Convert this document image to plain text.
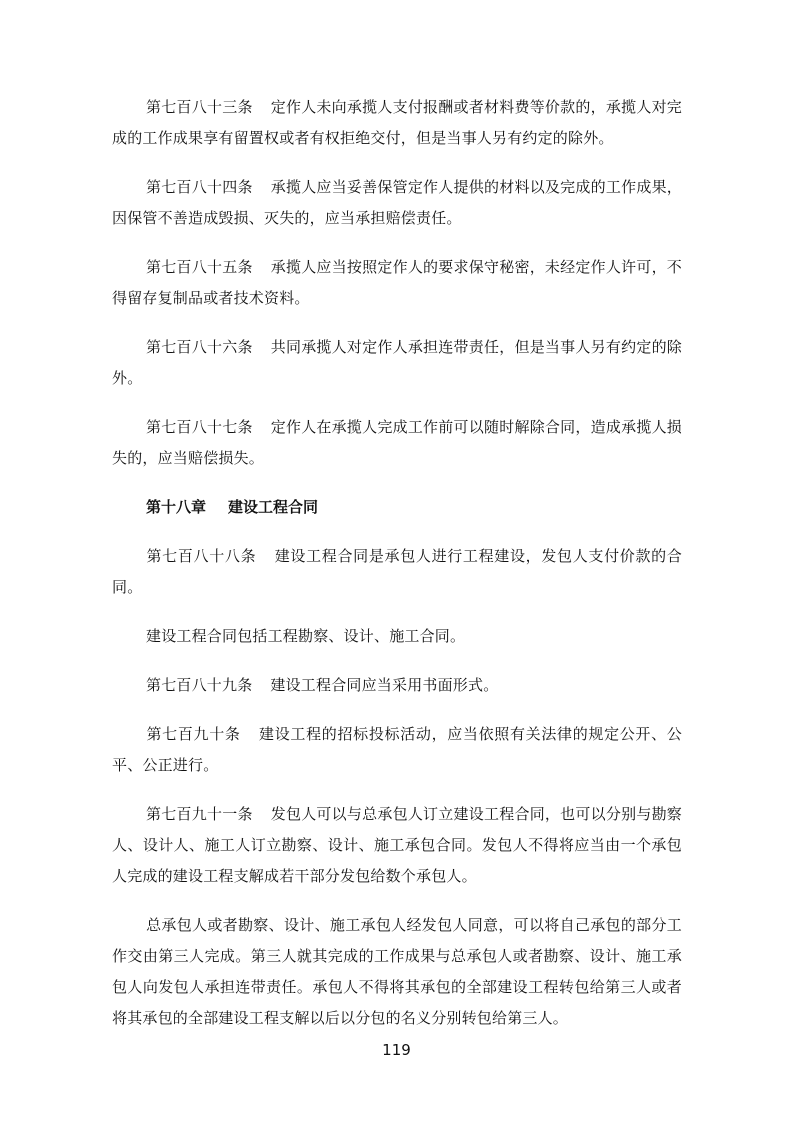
第七百八十三条 定作人未向承揽人支付报酬或者材料费等价款的，承揽人对完成的工作成果享有留置权或者有权拒绝交付，但是当事人另有约定的除外。

第七百八十四条 承揽人应当妥善保管定作人提供的材料以及完成的工作成果，因保管不善造成毁损、灭失的，应当承担赔偿责任。

第七百八十五条 承揽人应当按照定作人的要求保守秘密，未经定作人许可，不得留存复制品或者技术资料。

第七百八十六条 共同承揽人对定作人承担连带责任，但是当事人另有约定的除外。

第七百八十七条 定作人在承揽人完成工作前可以随时解除合同，造成承揽人损失的，应当赔偿损失。

第十八章 建设工程合同

第七百八十八条 建设工程合同是承包人进行工程建设，发包人支付价款的合同。

建设工程合同包括工程勘察、设计、施工合同。

第七百八十九条 建设工程合同应当采用书面形式。

第七百九十条 建设工程的招标投标活动，应当依照有关法律的规定公开、公平、公正进行。

第七百九十一条 发包人可以与总承包人订立建设工程合同，也可以分别与勘察人、设计人、施工人订立勘察、设计、施工承包合同。发包人不得将应当由一个承包人完成的建设工程支解成若干部分发包给数个承包人。

总承包人或者勘察、设计、施工承包人经发包人同意，可以将自己承包的部分工作交由第三人完成。第三人就其完成的工作成果与总承包人或者勘察、设计、施工承包人向发包人承担连带责任。承包人不得将其承包的全部建设工程转包给第三人或者将其承包的全部建设工程支解以后以分包的名义分别转包给第三人。

119
